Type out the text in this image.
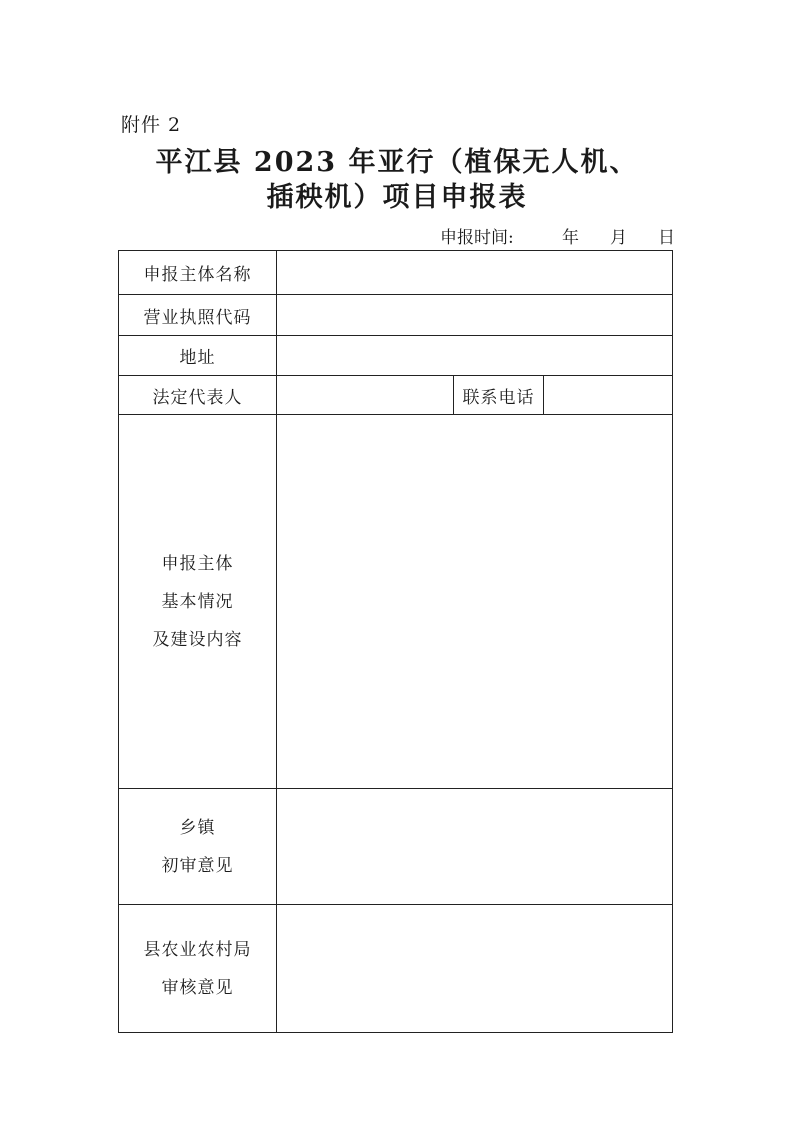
附件 2
平江县 2023 年亚行（植保无人机、
插秧机）项目申报表
申报时间:	年 月 日
申报主体名称			
营业执照代码			
地址			
法定代表人		联系电话	

申报主体
基本情况
及建设内容			

乡镇
初审意见			

县农业农村局
审核意见			
